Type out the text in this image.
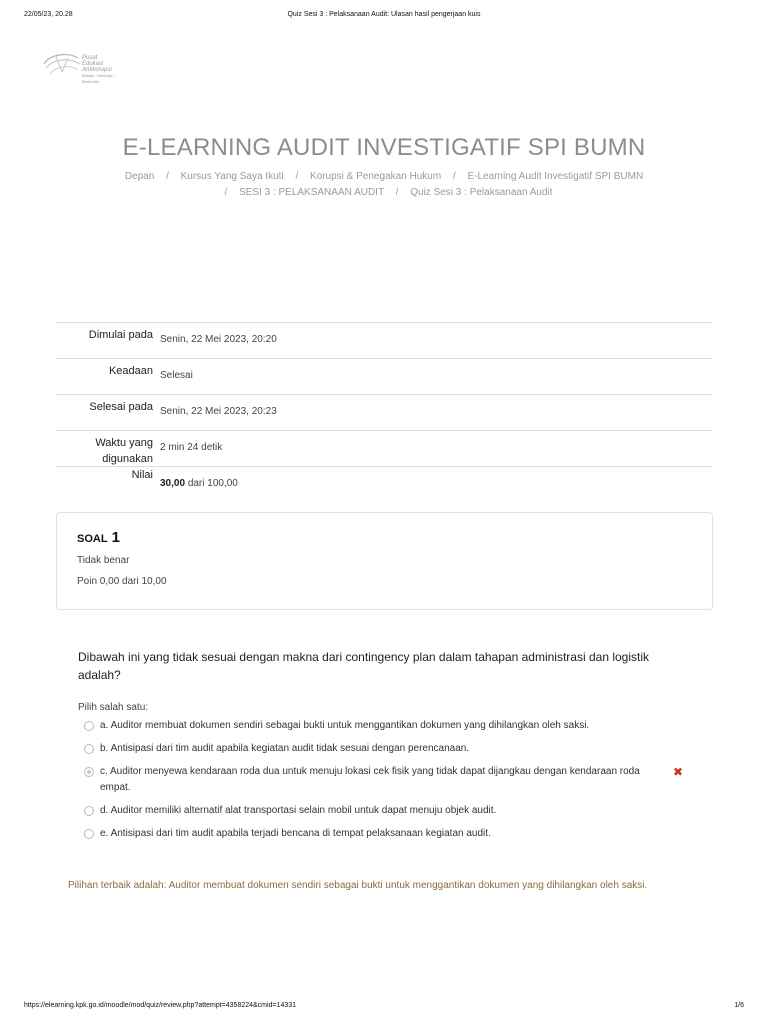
22/05/23, 20.28	Quiz Sesi 3 : Pelaksanaan Audit: Ulasan hasil pengerjaan kuis
Pusat
Edukasi
Antikorupsi
Belajar • Berbagi • Bertindak
E-LEARNING AUDIT INVESTIGATIF SPI BUMN
Depan / Kursus Yang Saya Ikuti / Korupsi & Penegakan Hukum / E-Learning Audit Investigatif SPI BUMN
/ SESI 3 : PELAKSANAAN AUDIT / Quiz Sesi 3 : Pelaksanaan Audit
Dimulai pada Senin, 22 Mei 2023, 20:20
Keadaan Selesai
Selesai pada Senin, 22 Mei 2023, 20:23
Waktu yang
digunakan
2 min 24 detik
Nilai
30,00 dari 100,00
SOAL 1
Tidak benar
Poin 0,00 dari 10,00
Dibawah ini yang tidak sesuai dengan makna dari contingency plan dalam tahapan administrasi dan logistik adalah?
Pilih salah satu:
a. Auditor membuat dokumen sendiri sebagai bukti untuk menggantikan dokumen yang dihilangkan oleh saksi.
b. Antisipasi dari tim audit apabila kegiatan audit tidak sesuai dengan perencanaan.
c. Auditor menyewa kendaraan roda dua untuk menuju lokasi cek fisik yang tidak dapat dijangkau dengan kendaraan roda empat.
✖
d. Auditor memiliki alternatif alat transportasi selain mobil untuk dapat menuju objek audit.
e. Antisipasi dari tim audit apabila terjadi bencana di tempat pelaksanaan kegiatan audit.
Pilihan terbaik adalah: Auditor membuat dokumen sendiri sebagai bukti untuk menggantikan dokumen yang dihilangkan oleh saksi.
https://elearning.kpk.go.id/moodle/mod/quiz/review.php?attempt=4358224&cmid=14331	1/6
